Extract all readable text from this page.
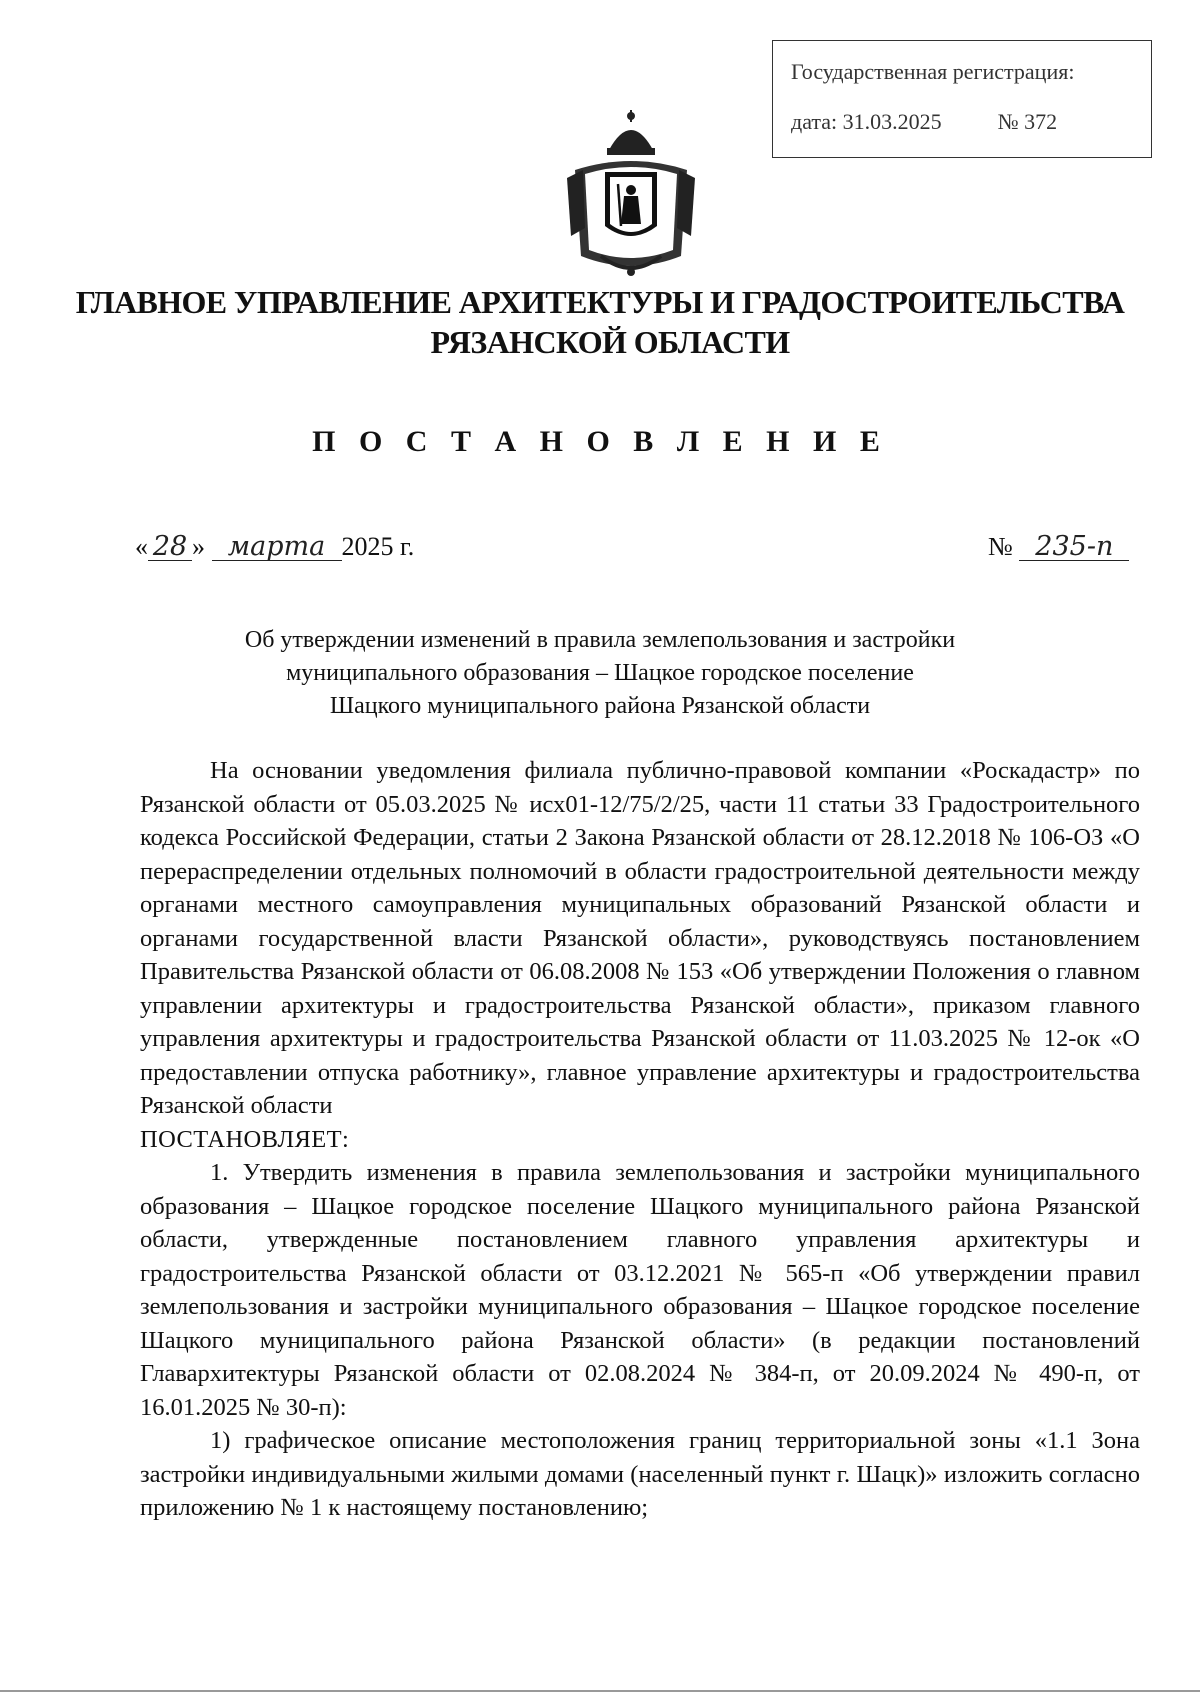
Государственная регистрация:
дата: 31.03.2025	№ 372
ГЛАВНОЕ УПРАВЛЕНИЕ АРХИТЕКТУРЫ И ГРАДОСТРОИТЕЛЬСТВА
РЯЗАНСКОЙ ОБЛАСТИ
П О С Т А Н О В Л Е Н И Е
« 28 » марта 2025 г.	№ 235-п
Об утверждении изменений в правила землепользования и застройки
муниципального образования – Шацкое городское поселение
Шацкого муниципального района Рязанской области

На основании уведомления филиала публично-правовой компании «Роскадастр» по Рязанской области от 05.03.2025 № исх01-12/75/2/25, части 11 статьи 33 Градостроительного кодекса Российской Федерации, статьи 2 Закона Рязанской области от 28.12.2018 № 106-ОЗ «О перераспределении отдельных полномочий в области градостроительной деятельности между органами местного самоуправления муниципальных образований Рязанской области и органами государственной власти Рязанской области», руководствуясь постановлением Правительства Рязанской области от 06.08.2008 № 153 «Об утверждении Положения о главном управлении архитектуры и градостроительства Рязанской области», приказом главного управления архитектуры и градостроительства Рязанской области от 11.03.2025 № 12-ок «О предоставлении отпуска работнику», главное управление архитектуры и градостроительства Рязанской области

ПОСТАНОВЛЯЕТ:

1. Утвердить изменения в правила землепользования и застройки муниципального образования – Шацкое городское поселение Шацкого муниципального района Рязанской области, утвержденные постановлением главного управления архитектуры и градостроительства Рязанской области от 03.12.2021 № 565-п «Об утверждении правил землепользования и застройки муниципального образования – Шацкое городское поселение Шацкого муниципального района Рязанской области» (в редакции постановлений Главархитектуры Рязанской области от 02.08.2024 № 384-п, от 20.09.2024 № 490-п, от 16.01.2025 № 30-п):

1) графическое описание местоположения границ территориальной зоны «1.1 Зона застройки индивидуальными жилыми домами (населенный пункт г. Шацк)» изложить согласно приложению № 1 к настоящему постановлению;
